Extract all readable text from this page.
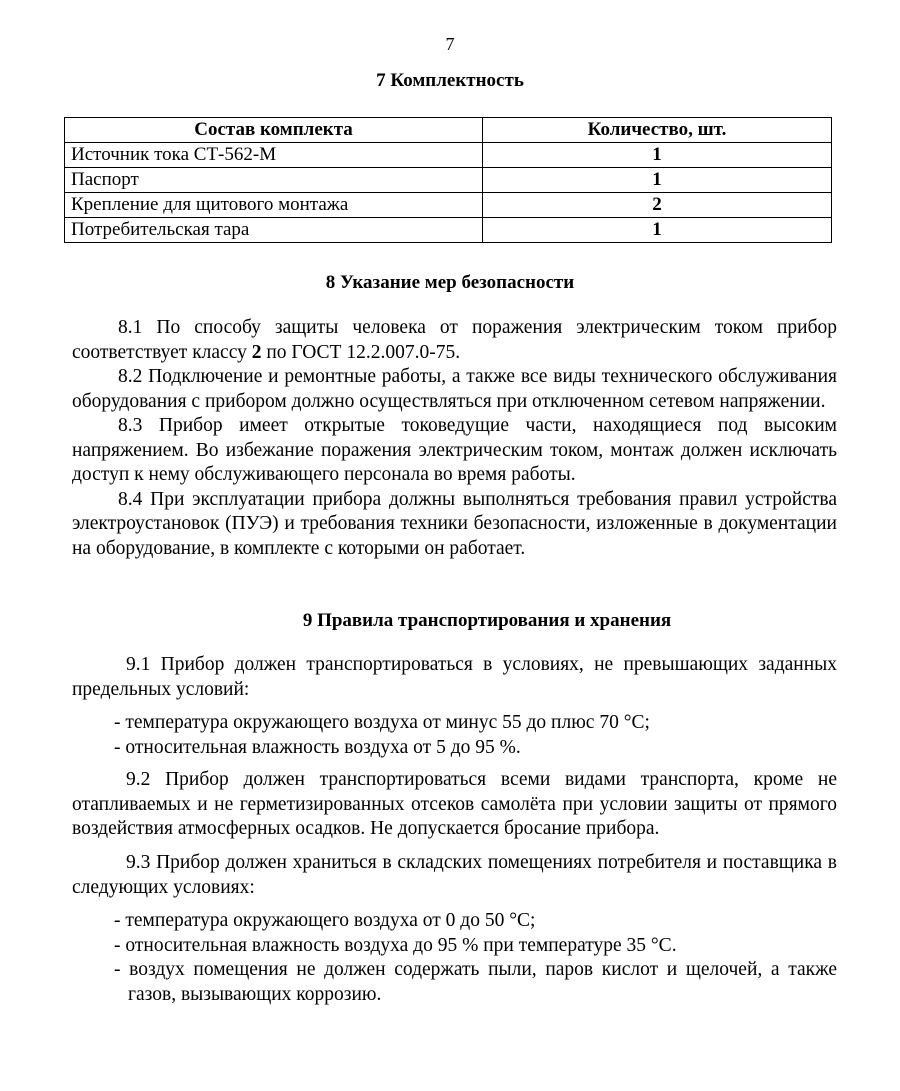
7
7 Комплектность
Состав комплекта	Количество, шт.
Источник тока СТ-562-М	1
Паспорт	1
Крепление для щитового монтажа	2
Потребительская тара	1
8 Указание мер безопасности

8.1 По способу защиты человека от поражения электрическим током прибор соответствует классу 2 по ГОСТ 12.2.007.0-75.

8.2 Подключение и ремонтные работы, а также все виды технического обслуживания оборудования с прибором должно осуществляться при отключенном сетевом напряжении.

8.3 Прибор имеет открытые токоведущие части, находящиеся под высоким напряжением. Во избежание поражения электрическим током, монтаж должен исключать доступ к нему обслуживающего персонала во время работы.

8.4 При эксплуатации прибора должны выполняться требования правил устройства электроустановок (ПУЭ) и требования техники безопасности, изложенные в документации на оборудование, в комплекте с которыми он работает.

9 Правила транспортирования и хранения

9.1 Прибор должен транспортироваться в условиях, не превышающих заданных предельных условий:

- температура окружающего воздуха от минус 55 до плюс 70 °С;

- относительная влажность воздуха от 5 до 95 %.

9.2 Прибор должен транспортироваться всеми видами транспорта, кроме не отапливаемых и не герметизированных отсеков самолёта при условии защиты от прямого воздействия атмосферных осадков. Не допускается бросание прибора.

9.3 Прибор должен храниться в складских помещениях потребителя и поставщика в следующих условиях:

- температура окружающего воздуха от 0 до 50 °С;

- относительная влажность воздуха до 95 % при температуре 35 °С.

- воздух помещения не должен содержать пыли, паров кислот и щелочей, а также газов, вызывающих коррозию.
